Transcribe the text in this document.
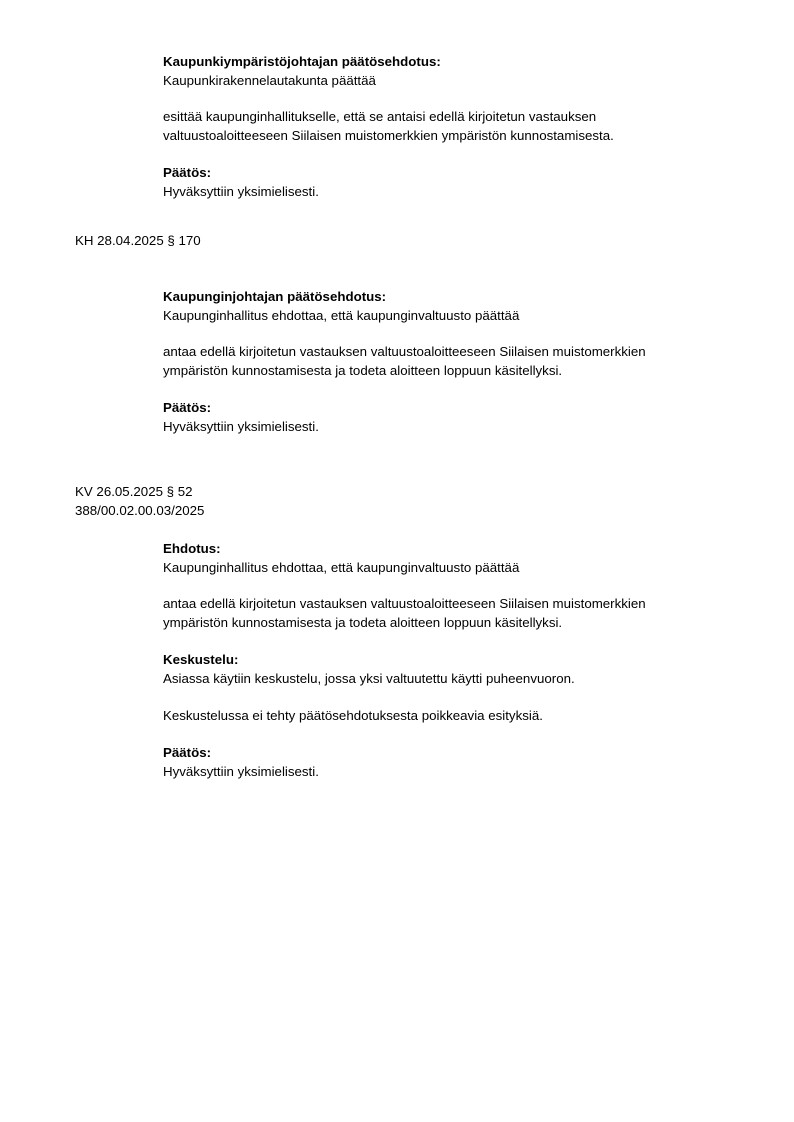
Kaupunkiympäristöjohtajan päätösehdotus:
Kaupunkirakennelautakunta päättää
esittää kaupunginhallitukselle, että se antaisi edellä kirjoitetun vastauksen
valtuustoaloitteeseen Siilaisen muistomerkkien ympäristön kunnostamisesta.
Päätös:
Hyväksyttiin yksimielisesti.
KH 28.04.2025 § 170
Kaupunginjohtajan päätösehdotus:
Kaupunginhallitus ehdottaa, että kaupunginvaltuusto päättää
antaa edellä kirjoitetun vastauksen valtuustoaloitteeseen Siilaisen muistomerkkien
ympäristön kunnostamisesta ja todeta aloitteen loppuun käsitellyksi.
Päätös:
Hyväksyttiin yksimielisesti.
KV 26.05.2025 § 52
388/00.02.00.03/2025
Ehdotus:
Kaupunginhallitus ehdottaa, että kaupunginvaltuusto päättää
antaa edellä kirjoitetun vastauksen valtuustoaloitteeseen Siilaisen muistomerkkien
ympäristön kunnostamisesta ja todeta aloitteen loppuun käsitellyksi.
Keskustelu:
Asiassa käytiin keskustelu, jossa yksi valtuutettu käytti puheenvuoron.
Keskustelussa ei tehty päätösehdotuksesta poikkeavia esityksiä.
Päätös:
Hyväksyttiin yksimielisesti.
